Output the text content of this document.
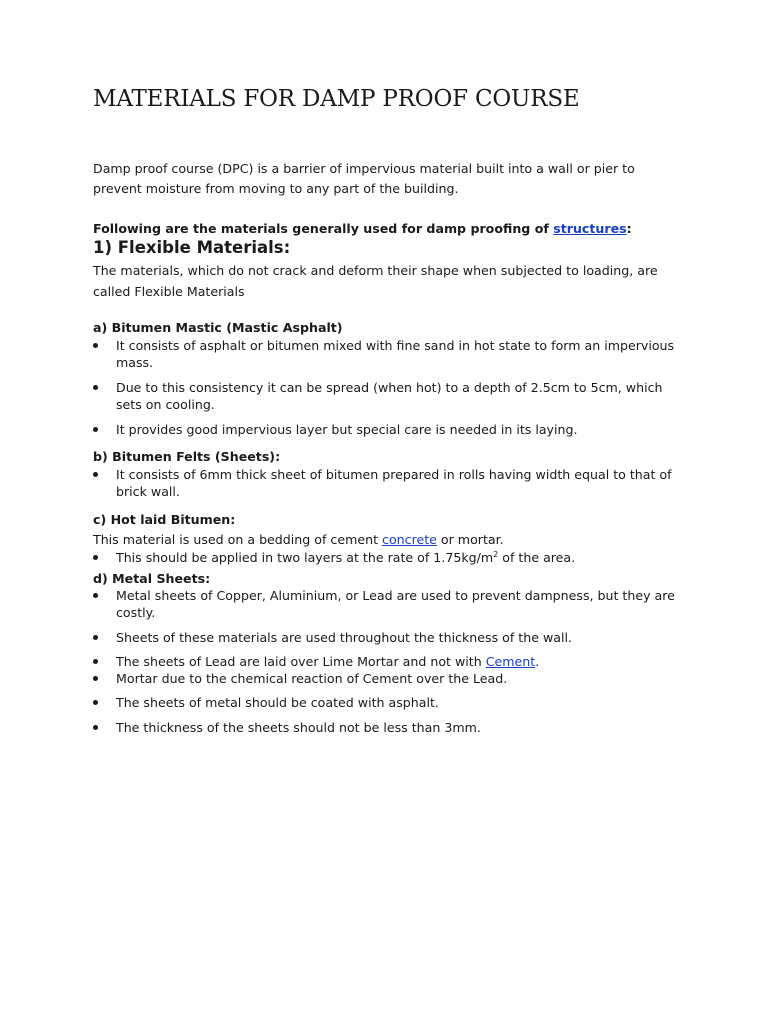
MATERIALS FOR DAMP PROOF COURSE

Damp proof course (DPC) is a barrier of impervious material built into a wall or pier to prevent moisture from moving to any part of the building.

Following are the materials generally used for damp proofing of structures:

1) Flexible Materials:

The materials, which do not crack and deform their shape when subjected to loading, are called Flexible Materials

a) Bitumen Mastic (Mastic Asphalt)

It consists of asphalt or bitumen mixed with fine sand in hot state to form an impervious mass.
Due to this consistency it can be spread (when hot) to a depth of 2.5cm to 5cm, which sets on cooling.
It provides good impervious layer but special care is needed in its laying.

b) Bitumen Felts (Sheets):

It consists of 6mm thick sheet of bitumen prepared in rolls having width equal to that of brick wall.

c) Hot laid Bitumen:

This material is used on a bedding of cement concrete or mortar.

This should be applied in two layers at the rate of $1.75kg/m^2$ of the area.

d) Metal Sheets:

Metal sheets of Copper, Aluminium, or Lead are used to prevent dampness, but they are costly.
Sheets of these materials are used throughout the thickness of the wall.
The sheets of Lead are laid over Lime Mortar and not with Cement.
Mortar due to the chemical reaction of Cement over the Lead.
The sheets of metal should be coated with asphalt.
The thickness of the sheets should not be less than 3mm.
